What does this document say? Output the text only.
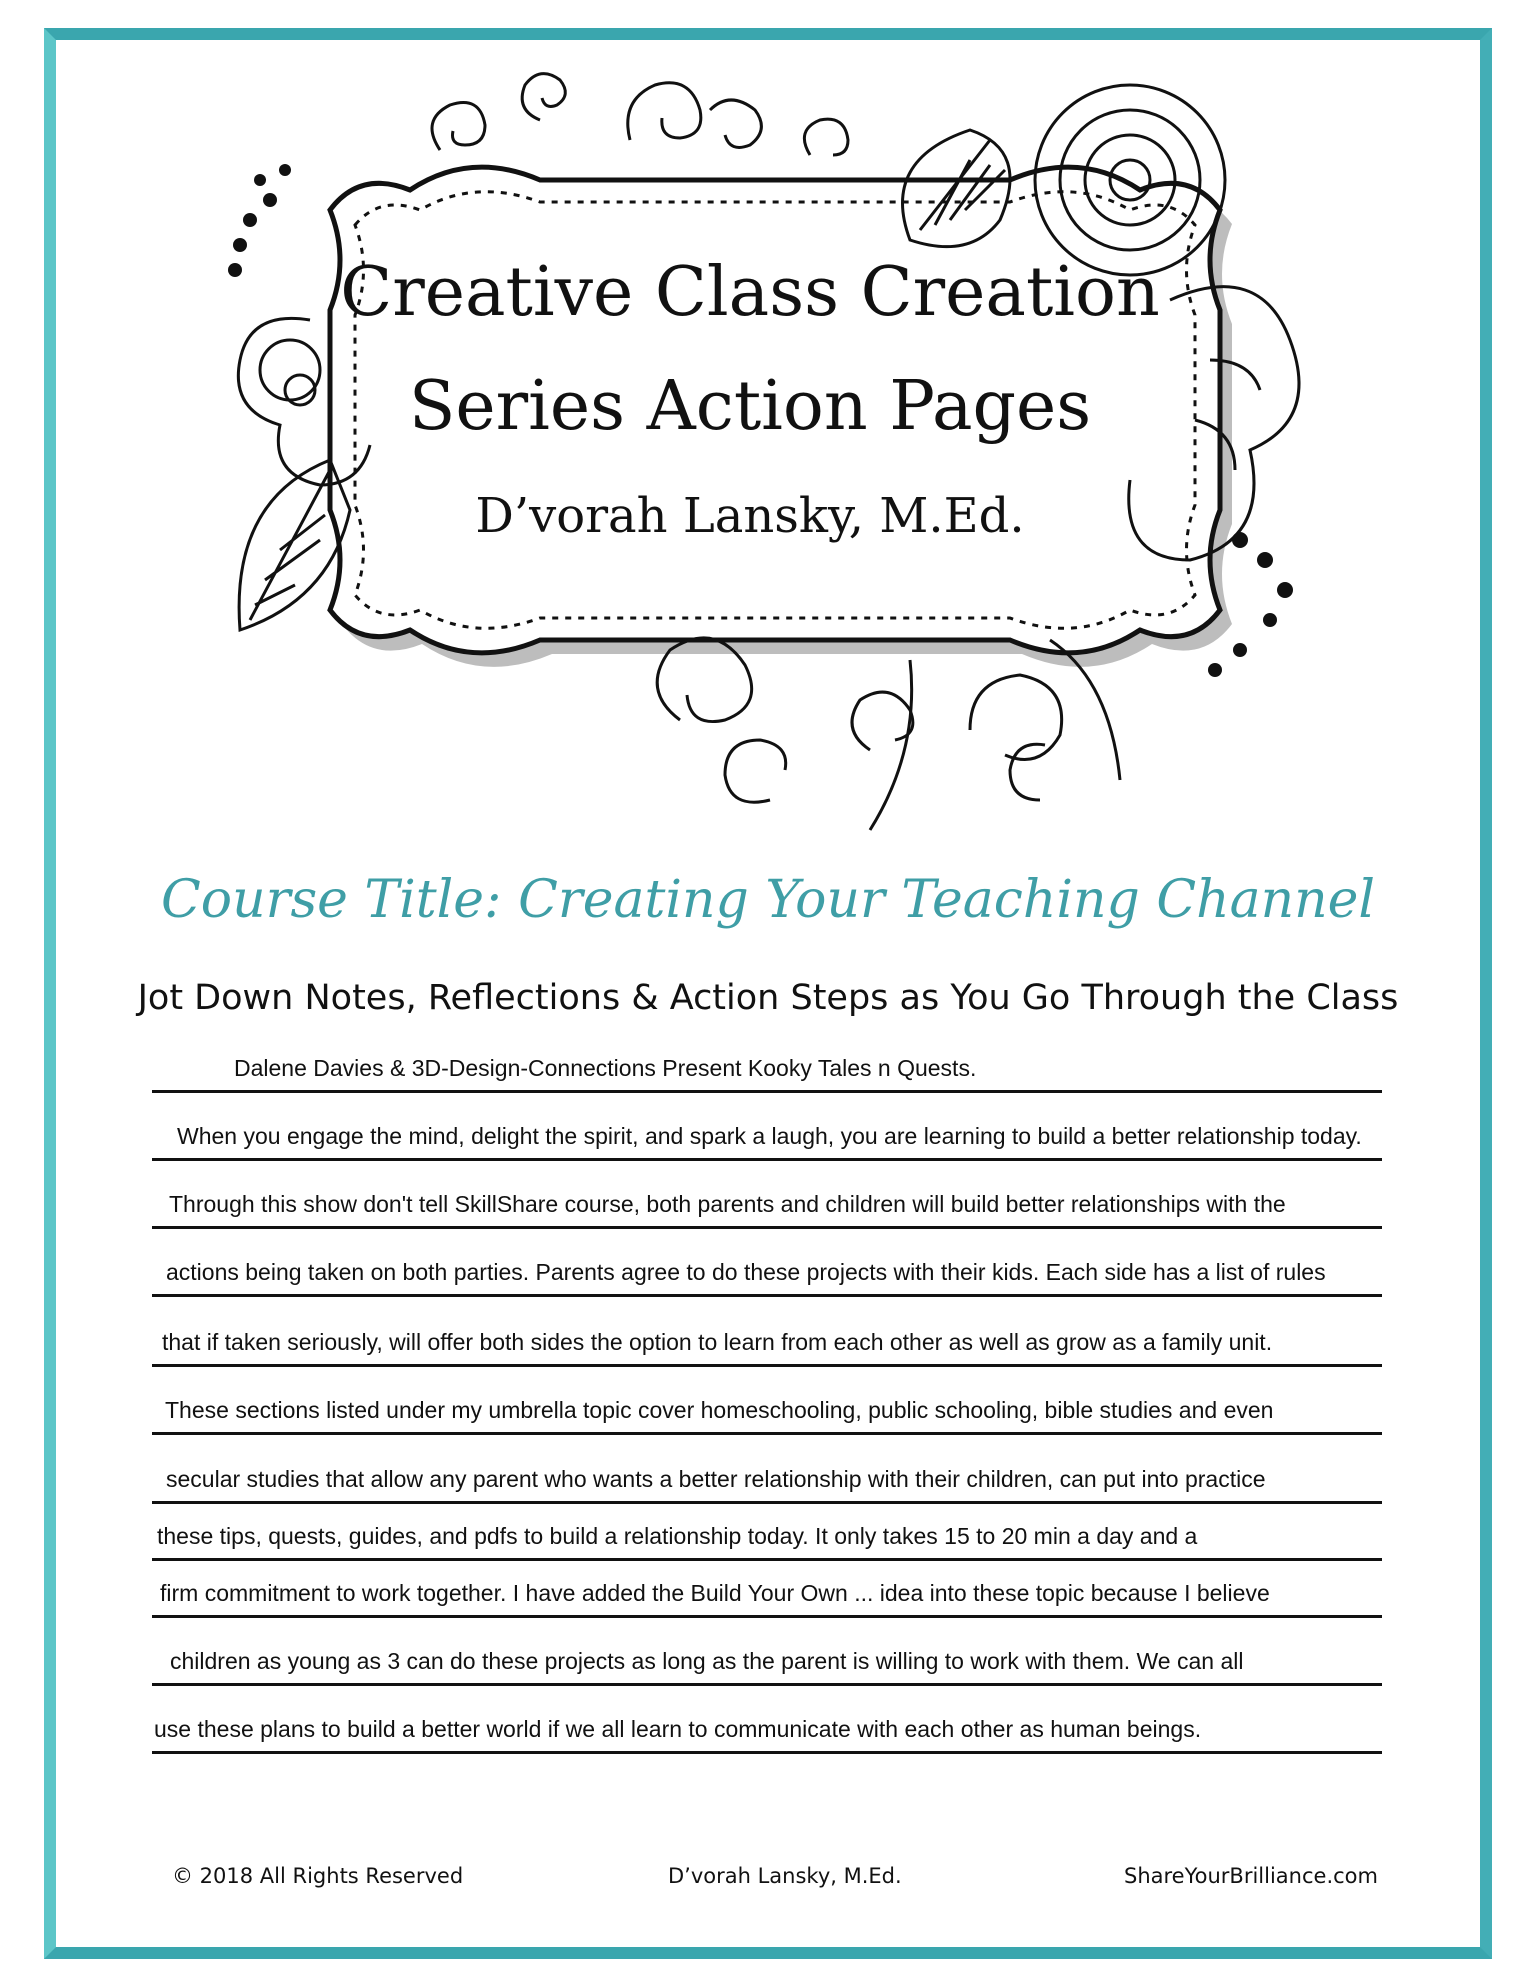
Creative Class Creation
Series Action Pages
D’vorah Lansky, M.Ed.
Course Title: Creating Your Teaching Channel
Jot Down Notes, Reflections & Action Steps as You Go Through the Class
Dalene Davies & 3D-Design-Connections Present Kooky Tales n Quests.
When you engage the mind, delight the spirit, and spark a laugh, you are learning to build a better relationship today.
Through this show don't tell SkillShare course, both parents and children will build better relationships with the
actions being taken on both parties. Parents agree to do these projects with their kids. Each side has a list of rules
that if taken seriously, will offer both sides the option to learn from each other as well as grow as a family unit.
These sections listed under my umbrella topic cover homeschooling, public schooling, bible studies and even
secular studies that allow any parent who wants a better relationship with their children, can put into practice
these tips, quests, guides, and pdfs to build a relationship today. It only takes 15 to 20 min a day and a
firm commitment to work together. I have added the Build Your Own ... idea into these topic because I believe
children as young as 3 can do these projects as long as the parent is willing to work with them. We can all
use these plans to build a better world if we all learn to communicate with each other as human beings.
© 2018 All Rights Reserved	D’vorah Lansky, M.Ed.	ShareYourBrilliance.com
